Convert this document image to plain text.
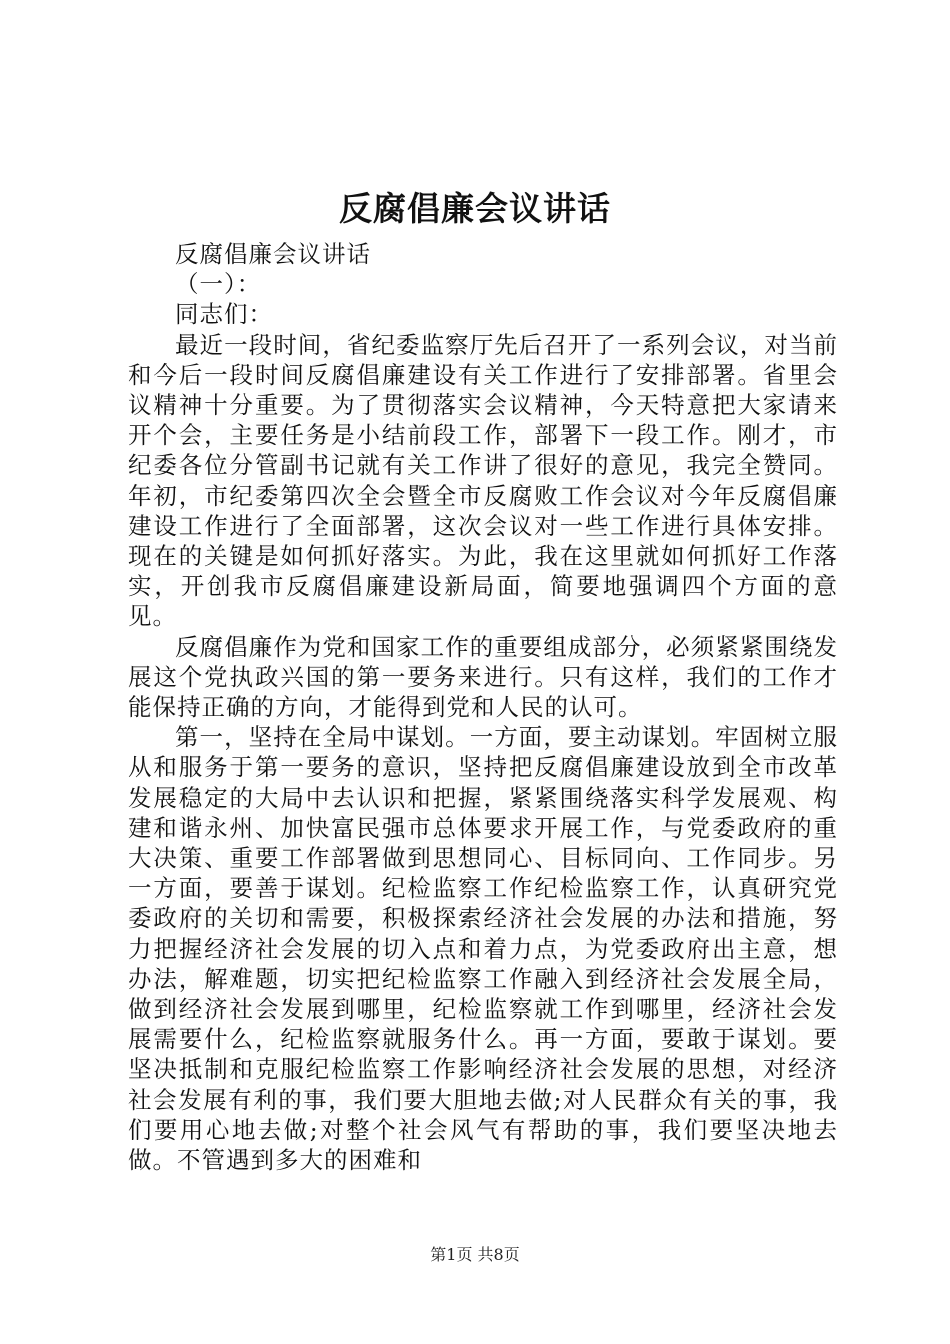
反腐倡廉会议讲话

反腐倡廉会议讲话

（一）：

同志们：

最近一段时间，省纪委监察厅先后召开了一系列会议，对当前和今后一段时间反腐倡廉建设有关工作进行了安排部署。省里会议精神十分重要。为了贯彻落实会议精神，今天特意把大家请来开个会，主要任务是小结前段工作，部署下一段工作。刚才，市纪委各位分管副书记就有关工作讲了很好的意见，我完全赞同。年初，市纪委第四次全会暨全市反腐败工作会议对今年反腐倡廉建设工作进行了全面部署，这次会议对一些工作进行具体安排。现在的关键是如何抓好落实。为此，我在这里就如何抓好工作落实，开创我市反腐倡廉建设新局面，简要地强调四个方面的意见。

反腐倡廉作为党和国家工作的重要组成部分，必须紧紧围绕发展这个党执政兴国的第一要务来进行。只有这样，我们的工作才能保持正确的方向，才能得到党和人民的认可。

第一，坚持在全局中谋划。一方面，要主动谋划。牢固树立服从和服务于第一要务的意识，坚持把反腐倡廉建设放到全市改革发展稳定的大局中去认识和把握，紧紧围绕落实科学发展观、构建和谐永州、加快富民强市总体要求开展工作，与党委政府的重大决策、重要工作部署做到思想同心、目标同向、工作同步。另一方面，要善于谋划。纪检监察工作纪检监察工作，认真研究党委政府的关切和需要，积极探索经济社会发展的办法和措施，努力把握经济社会发展的切入点和着力点，为党委政府出主意，想办法，解难题，切实把纪检监察工作融入到经济社会发展全局，做到经济社会发展到哪里，纪检监察就工作到哪里，经济社会发展需要什么，纪检监察就服务什么。再一方面，要敢于谋划。要坚决抵制和克服纪检监察工作影响经济社会发展的思想，对经济社会发展有利的事，我们要大胆地去做;对人民群众有关的事，我们要用心地去做;对整个社会风气有帮助的事，我们要坚决地去做。不管遇到多大的困难和

第1页 共8页
